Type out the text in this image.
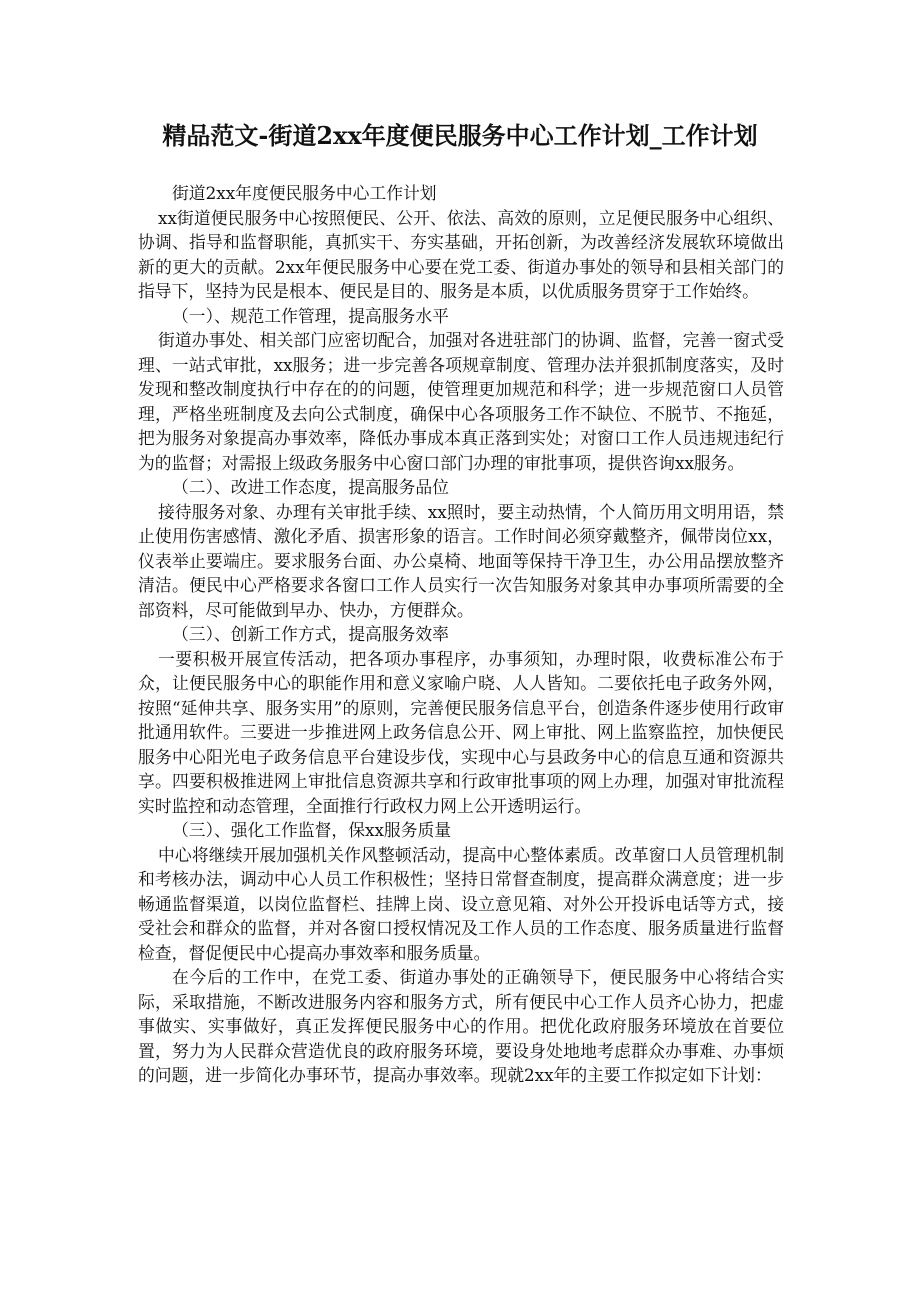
精品范文-街道2xx年度便民服务中心工作计划_工作计划

街道2xx年度便民服务中心工作计划

xx街道便民服务中心按照便民、公开、依法、高效的原则，立足便民服务中心组织、协调、指导和监督职能，真抓实干、夯实基础，开拓创新，为改善经济发展软环境做出新的更大的贡献。2xx年便民服务中心要在党工委、街道办事处的领导和县相关部门的指导下，坚持为民是根本、便民是目的、服务是本质，以优质服务贯穿于工作始终。

（一）、规范工作管理，提高服务水平

街道办事处、相关部门应密切配合，加强对各进驻部门的协调、监督，完善一窗式受理、一站式审批，xx服务；进一步完善各项规章制度、管理办法并狠抓制度落实，及时发现和整改制度执行中存在的的问题，使管理更加规范和科学；进一步规范窗口人员管理，严格坐班制度及去向公式制度，确保中心各项服务工作不缺位、不脱节、不拖延，把为服务对象提高办事效率，降低办事成本真正落到实处；对窗口工作人员违规违纪行为的监督；对需报上级政务服务中心窗口部门办理的审批事项，提供咨询xx服务。

（二）、改进工作态度，提高服务品位

接待服务对象、办理有关审批手续、xx照时，要主动热情，个人简历用文明用语，禁止使用伤害感情、激化矛盾、损害形象的语言。工作时间必须穿戴整齐，佩带岗位xx，仪表举止要端庄。要求服务台面、办公桌椅、地面等保持干净卫生，办公用品摆放整齐清洁。便民中心严格要求各窗口工作人员实行一次告知服务对象其申办事项所需要的全部资料，尽可能做到早办、快办，方便群众。

（三）、创新工作方式，提高服务效率

一要积极开展宣传活动，把各项办事程序，办事须知，办理时限，收费标准公布于众，让便民服务中心的职能作用和意义家喻户晓、人人皆知。二要依托电子政务外网，按照“延伸共享、服务实用”的原则，完善便民服务信息平台，创造条件逐步使用行政审批通用软件。三要进一步推进网上政务信息公开、网上审批、网上监察监控，加快便民服务中心阳光电子政务信息平台建设步伐，实现中心与县政务中心的信息互通和资源共享。四要积极推进网上审批信息资源共享和行政审批事项的网上办理，加强对审批流程实时监控和动态管理，全面推行行政权力网上公开透明运行。

（三）、强化工作监督，保xx服务质量

中心将继续开展加强机关作风整顿活动，提高中心整体素质。改革窗口人员管理机制和考核办法，调动中心人员工作积极性；坚持日常督查制度，提高群众满意度；进一步畅通监督渠道，以岗位监督栏、挂牌上岗、设立意见箱、对外公开投诉电话等方式，接受社会和群众的监督，并对各窗口授权情况及工作人员的工作态度、服务质量进行监督检查，督促便民中心提高办事效率和服务质量。

在今后的工作中，在党工委、街道办事处的正确领导下，便民服务中心将结合实际，采取措施，不断改进服务内容和服务方式，所有便民中心工作人员齐心协力，把虚事做实、实事做好，真正发挥便民服务中心的作用。把优化政府服务环境放在首要位置，努力为人民群众营造优良的政府服务环境，要设身处地地考虑群众办事难、办事烦的问题，进一步简化办事环节，提高办事效率。现就2xx年的主要工作拟定如下计划：
